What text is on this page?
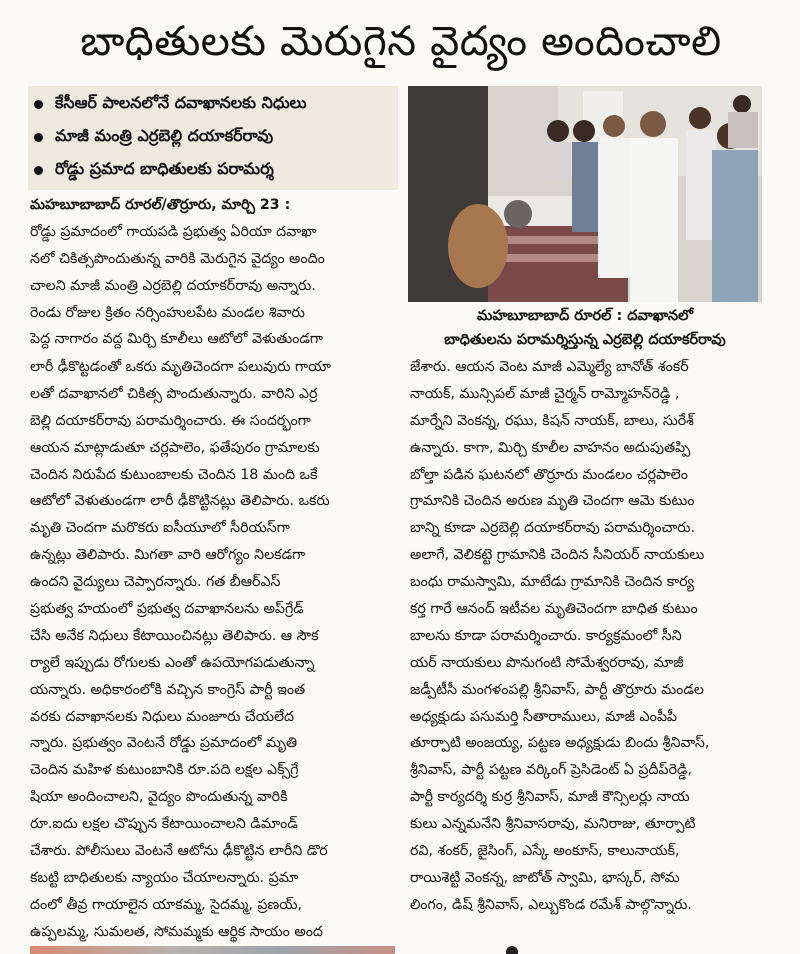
బాధితులకు మెరుగైన వైద్యం అందించాలి
కేసీఆర్ పాలనలోనే దవాఖానలకు నిధులు
మాజీ మంత్రి ఎర్రబెల్లి దయాకర్‌రావు
రోడ్డు ప్రమాద బాధితులకు పరామర్శ
మహబూబాబాద్ రూరల్ : దవాఖానలో
బాధితులను పరామర్శిస్తున్న ఎర్రబెల్లి దయాకర్‌రావు
మహబూబాబాద్ రూరల్/తొర్రూరు, మార్చి 23 :
రోడ్డు ప్రమాదంలో గాయపడి ప్రభుత్వ ఏరియా దవాఖా
నలో చికిత్సపొందుతున్న వారికి మెరుగైన వైద్యం అందిం
చాలని మాజీ మంత్రి ఎర్రబెల్లి దయాకర్‌రావు అన్నారు.
రెండు రోజుల క్రితం నర్సింహులపేట మండల శివారు
పెద్ద నాగారం వద్ద మిర్చి కూలీలు ఆటోలో వెళుతుండగా
లారీ ఢీకొట్టడంతో ఒకరు మృతిచెందగా పలువురు గాయా
లతో దవాఖానలో చికిత్స పొందుతున్నారు. వారిని ఎర్ర
బెల్లి దయాకర్‌రావు పరామర్శించారు. ఈ సందర్భంగా
ఆయన మాట్లాడుతూ చర్లపాలెం, ఫతేపురం గ్రామాలకు
చెందిన నిరుపేద కుటుంబాలకు చెందిన 18 మంది ఒకే
ఆటోలో వెళుతుండగా లారీ ఢీకొట్టినట్లు తెలిపారు. ఒకరు
మృతి చెందగా మరొకరు ఐసీయూలో సీరియస్‌గా
ఉన్నట్లు తెలిపారు. మిగతా వారి ఆరోగ్యం నిలకడగా
ఉందని వైద్యులు చెప్పారన్నారు. గత బీఆర్ఎస్
ప్రభుత్వ హయంలో ప్రభుత్వ దవాఖానలను అప్‌గ్రేడ్
చేసి అనేక నిధులు కేటాయించినట్లు తెలిపారు. ఆ సౌక
ర్యాలే ఇప్పుడు రోగులకు ఎంతో ఉపయోగపడుతున్నా
యన్నారు. అధికారంలోకి వచ్చిన కాంగ్రెస్ పార్టీ ఇంత
వరకు దవాఖానలకు నిధులు మంజూరు చేయలేద
న్నారు. ప్రభుత్వం వెంటనే రోడ్డు ప్రమాదంలో మృతి
చెందిన మహిళ కుటుంబానికి రూ.పది లక్షల ఎక్స్‌గ్రే
షియా అందించాలని, వైద్యం పొందుతున్న వారికి
రూ.ఐదు లక్షల చొప్పున కేటాయించాలని డిమాండ్
చేశారు. పోలీసులు వెంటనే ఆటోను ఢీకొట్టిన లారీని డొర
కబట్టి బాధితులకు న్యాయం చేయాలన్నారు. ప్రమా
దంలో తీవ్ర గాయాలైన యాకమ్మ, సైదమ్మ, ప్రణయ్,
ఉప్పలమ్మ, సుమలత, సోమమ్మకు ఆర్థిక సాయం అంద
జేశారు. ఆయన వెంట మాజీ ఎమ్మెల్యే బానోత్ శంకర్
నాయక్, మున్సిపల్ మాజీ చైర్మన్ రామ్మోహన్‌రెడ్డి ,
మార్నేని వెంకన్న, రఘు, కిషన్ నాయక్, బాలు, సురేశ్
ఉన్నారు. కాగా, మిర్చి కూలీల వాహనం అదుపుతప్పి
బోల్తా పడిన ఘటనలో తొర్రూరు మండలం చర్లపాలెం
గ్రామానికి చెందిన అరుణ మృతి చెందగా ఆమె కుటుం
బాన్ని కూడా ఎర్రబెల్లి దయాకర్‌రావు పరామర్శించారు.
అలాగే, వెలికట్టె గ్రామానికి చెందిన సీనియర్ నాయకులు
బంధు రామస్వామి, మాటేడు గ్రామానికి చెందిన కార్య
కర్త గారే ఆనంద్ ఇటీవల మృతిచెందగా బాధిత కుటుం
బాలను కూడా పరామర్శించారు. కార్యక్రమంలో సీని
యర్ నాయకులు పొనుగంటి సోమేశ్వరరావు, మాజీ
జడ్పీటీసీ మంగళంపల్లి శ్రీనివాస్, పార్టీ తొర్రూరు మండల
అధ్యక్షుడు పసుమర్తి సీతారాములు, మాజీ ఎంపీపీ
తూర్పాటి అంజయ్య, పట్టణ అధ్యక్షుడు బిందు శ్రీనివాస్,
శ్రీనివాస్, పార్టీ పట్టణ వర్కింగ్ ప్రెసిడెంట్ ఏ ప్రదీప్‌రెడ్డి,
పార్టీ కార్యదర్శి కుర్ర శ్రీనివాస్, మాజీ కౌన్సిలర్లు నాయ
కులు ఎన్నమనేని శ్రీనివాసరావు, మనిరాజు, తూర్పాటి
రవి, శంకర్, జైసింగ్, ఎస్కే అంకూస్, కాలునాయక్,
రాయిశెట్టి వెంకన్న, జాటోత్ స్వామి, భాస్కర్, సోమ
లింగం, డిష్ శ్రీనివాస్, ఎల్బుకొండ రమేశ్ పాల్గొన్నారు.
